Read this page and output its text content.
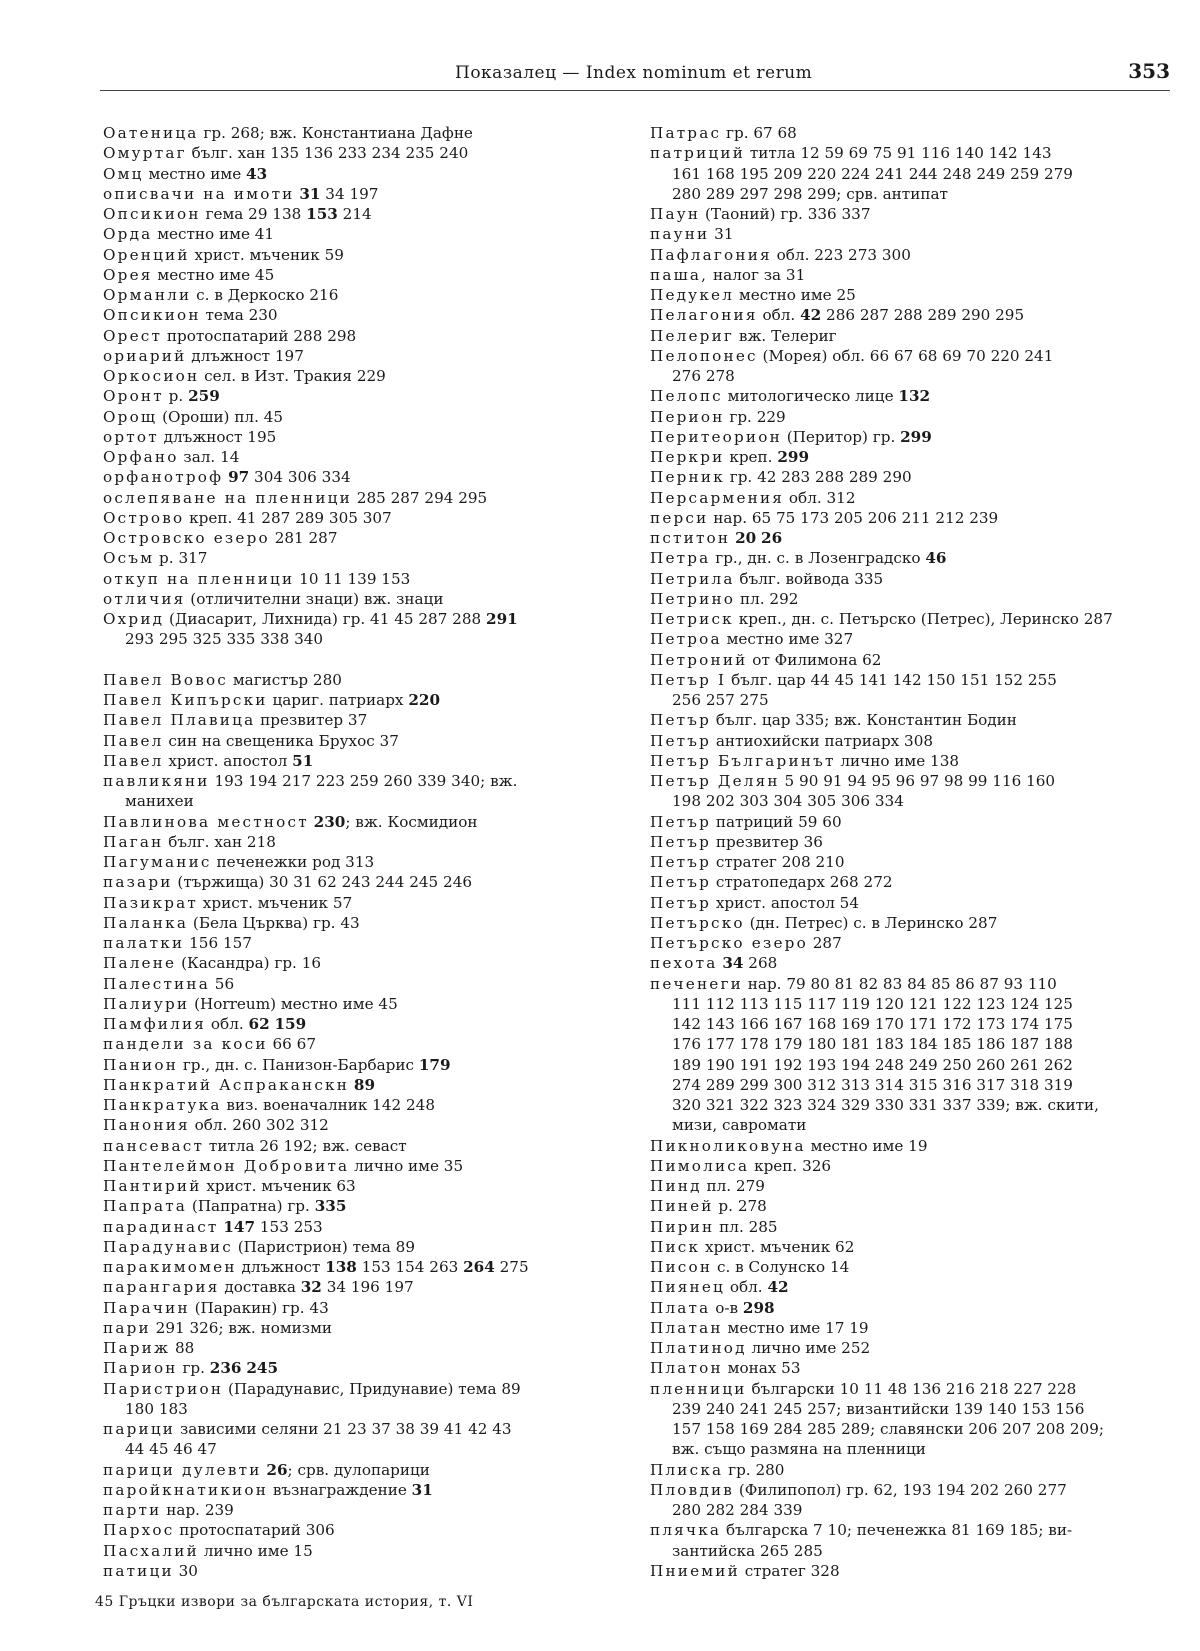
Показалец — Index nominum et rerum	353
Оатеница гр. 268; вж. Константиана Дафне
Омуртаг бълг. хан 135 136 233 234 235 240
Омц местно име 43
описвачи на имоти 31 34 197
Опсикион гема 29 138 153 214
Орда местно име 41
Оренций христ. мъченик 59
Орея местно име 45
Орманли с. в Деркоско 216
Опсикион тема 230
Орест протоспатарий 288 298
ориарий длъжност 197
Оркосион сел. в Изт. Тракия 229
Оронт р. 259
Орощ (Ороши) пл. 45
ортот длъжност 195
Орфано зал. 14
орфанотроф 97 304 306 334
ослепяване на пленници 285 287 294 295
Острово креп. 41 287 289 305 307
Островско езеро 281 287
Осъм р. 317
откуп на пленници 10 11 139 153
отличия (отличителни знаци) вж. знаци
Охрид (Диасарит, Лихнида) гр. 41 45 287 288 291
293 295 325 335 338 340
Павел Вовос магистър 280
Павел Кипърски цариг. патриарх 220
Павел Плавица презвитер 37
Павел син на свещеника Брухос 37
Павел христ. апостол 51
павликяни 193 194 217 223 259 260 339 340; вж.
манихеи
Павлинова местност 230; вж. Космидион
Паган бълг. хан 218
Пагуманис печенежки род 313
пазари (тържища) 30 31 62 243 244 245 246
Пазикрат христ. мъченик 57
Паланка (Бела Църква) гр. 43
палатки 156 157
Палене (Касандра) гр. 16
Палестина 56
Палиури (Horreum) местно име 45
Памфилия обл. 62 159
пандели за коси 66 67
Панион гр., дн. с. Панизон-Барбарис 179
Панкратий Аспраканскн 89
Панкратука виз. военачалник 142 248
Панония обл. 260 302 312
пансеваст титла 26 192; вж. севаст
Пантелеймон Добровита лично име 35
Пантирий христ. мъченик 63
Папрата (Папратна) гр. 335
парадинаст 147 153 253
Парадунавис (Паристрион) тема 89
паракимомен длъжност 138 153 154 263 264 275
парангария доставка 32 34 196 197
Парачин (Паракин) гр. 43
пари 291 326; вж. номизми
Париж 88
Парион гр. 236 245
Паристрион (Парадунавис, Придунавие) тема 89
180 183
парици зависими селяни 21 23 37 38 39 41 42 43
44 45 46 47
парици дулевти 26; срв. дулопарици
паройкнатикион възнаграждение 31
парти нар. 239
Пархос протоспатарий 306
Пасхалий лично име 15
патици 30
Патрас гр. 67 68
патриций титла 12 59 69 75 91 116 140 142 143
161 168 195 209 220 224 241 244 248 249 259 279
280 289 297 298 299; срв. антипат
Паун (Таоний) гр. 336 337
пауни 31
Пафлагония обл. 223 273 300
паша, налог за 31
Педукел местно име 25
Пелагония обл. 42 286 287 288 289 290 295
Пелериг вж. Телериг
Пелопонес (Морея) обл. 66 67 68 69 70 220 241
276 278
Пелопс митологическо лице 132
Перион гр. 229
Перитеорион (Перитор) гр. 299
Перкри креп. 299
Перник гр. 42 283 288 289 290
Персармения обл. 312
перси нар. 65 75 173 205 206 211 212 239
пститон 20 26
Петра гр., дн. с. в Лозенградско 46
Петрила бълг. войвода 335
Петрино пл. 292
Петриск креп., дн. с. Петърско (Петрес), Леринско 287
Петроа местно име 327
Петроний от Филимона 62
Петър I бълг. цар 44 45 141 142 150 151 152 255
256 257 275
Петър бълг. цар 335; вж. Константин Бодин
Петър антиохийски патриарх 308
Петър Българинът лично име 138
Петър Делян 5 90 91 94 95 96 97 98 99 116 160
198 202 303 304 305 306 334
Петър патриций 59 60
Петър презвитер 36
Петър стратег 208 210
Петър стратопедарх 268 272
Петър христ. апостол 54
Петърско (дн. Петрес) с. в Леринско 287
Петърско езеро 287
пехота 34 268
печенеги нар. 79 80 81 82 83 84 85 86 87 93 110
111 112 113 115 117 119 120 121 122 123 124 125
142 143 166 167 168 169 170 171 172 173 174 175
176 177 178 179 180 181 183 184 185 186 187 188
189 190 191 192 193 194 248 249 250 260 261 262
274 289 299 300 312 313 314 315 316 317 318 319
320 321 322 323 324 329 330 331 337 339; вж. скити,
мизи, савромати
Пикноликовуна местно име 19
Пимолиса креп. 326
Пинд пл. 279
Пиней р. 278
Пирин пл. 285
Писк христ. мъченик 62
Писон с. в Солунско 14
Пиянец обл. 42
Плата о-в 298
Платан местно име 17 19
Платинод лично име 252
Платон монах 53
пленници български 10 11 48 136 216 218 227 228
239 240 241 245 257; византийски 139 140 153 156
157 158 169 284 285 289; славянски 206 207 208 209;
вж. също размяна на пленници
Плиска гр. 280
Пловдив (Филипопол) гр. 62, 193 194 202 260 277
280 282 284 339
плячка българска 7 10; печенежка 81 169 185; ви-
зантийска 265 285
Пниемий стратег 328
45 Гръцки извори за българската история, т. VI
